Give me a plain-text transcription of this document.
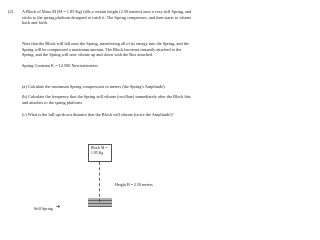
(2) A Block of Mass M (M = 1.85 Kg) falls a certain height (2.50 meters) onto a very stiff Spring, and sticks to the spring platform designed to catch it. The Spring compresses, and then starts to vibrate back and forth.

Note that the Block will fall onto the Spring, transferring all of its energy into the Spring, and the Spring will be compressed a maximum amount. The Block becomes instantly attached to the Spring, and the Spring will now vibrate up and down with the Box attached.

Spring Constant K = 12,500 Newton/meters

(a) Calculate the maximum Spring compression in meters (the Spring's Amplitude).

(b) Calculate the frequency that the Spring will vibrate (oscillate) immediately after the Block hits and attaches to the spring platform.

(c) What is the full up+down distance that the Block will vibrate (twice the Amplitude)?

Block M =
1.85 Kg
Height H = 2.50 meters
Stiff Spring ➔
